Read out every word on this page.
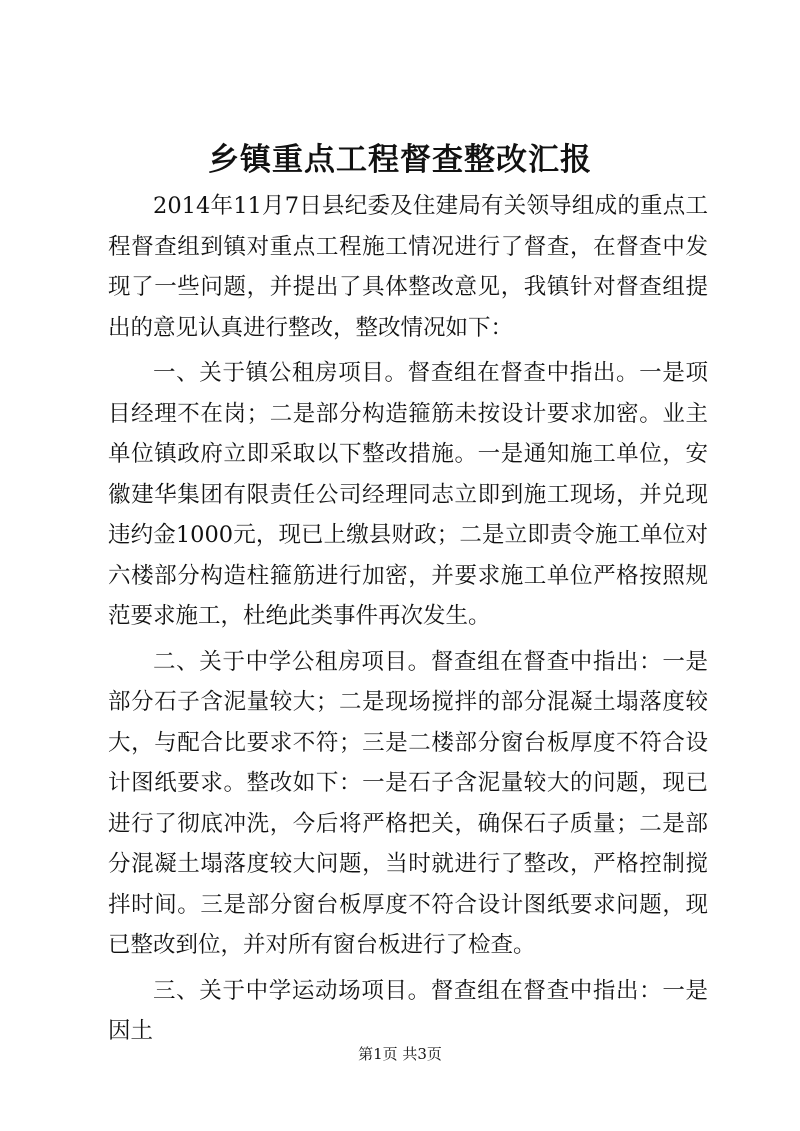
乡镇重点工程督查整改汇报

2014年11月7日县纪委及住建局有关领导组成的重点工程督查组到镇对重点工程施工情况进行了督查，在督查中发现了一些问题，并提出了具体整改意见，我镇针对督查组提出的意见认真进行整改，整改情况如下：

一、关于镇公租房项目。督查组在督查中指出。一是项目经理不在岗；二是部分构造箍筋未按设计要求加密。业主单位镇政府立即采取以下整改措施。一是通知施工单位，安徽建华集团有限责任公司经理同志立即到施工现场，并兑现违约金1000元，现已上缴县财政；二是立即责令施工单位对六楼部分构造柱箍筋进行加密，并要求施工单位严格按照规范要求施工，杜绝此类事件再次发生。

二、关于中学公租房项目。督查组在督查中指出：一是部分石子含泥量较大；二是现场搅拌的部分混凝土塌落度较大，与配合比要求不符；三是二楼部分窗台板厚度不符合设计图纸要求。整改如下：一是石子含泥量较大的问题，现已进行了彻底冲洗，今后将严格把关，确保石子质量；二是部分混凝土塌落度较大问题，当时就进行了整改，严格控制搅拌时间。三是部分窗台板厚度不符合设计图纸要求问题，现已整改到位，并对所有窗台板进行了检查。

三、关于中学运动场项目。督查组在督查中指出：一是因土

第1页 共3页
